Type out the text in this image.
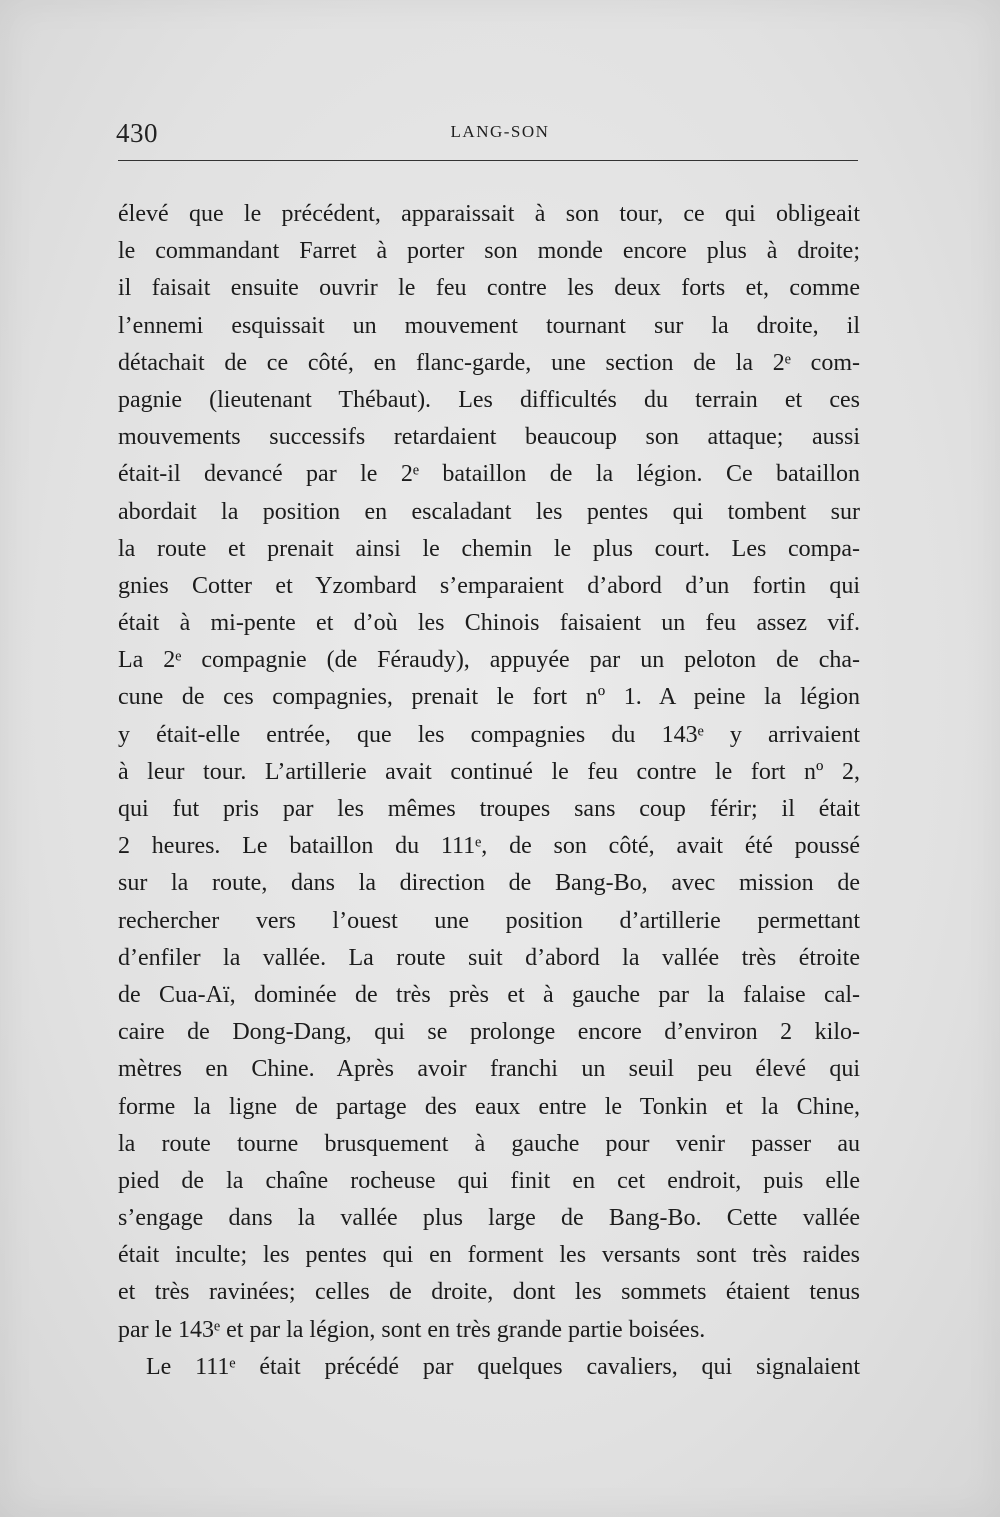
430	LANG-SON
élevé que le précédent, apparaissait à son tour, ce qui obligeait
le commandant Farret à porter son monde encore plus à droite;
il faisait ensuite ouvrir le feu contre les deux forts et, comme
l’ennemi esquissait un mouvement tournant sur la droite, il
détachait de ce côté, en flanc-garde, une section de la 2ᵉ com-
pagnie (lieutenant Thébaut). Les difficultés du terrain et ces
mouvements successifs retardaient beaucoup son attaque; aussi
était-il devancé par le 2ᵉ bataillon de la légion. Ce bataillon
abordait la position en escaladant les pentes qui tombent sur
la route et prenait ainsi le chemin le plus court. Les compa-
gnies Cotter et Yzombard s’emparaient d’abord d’un fortin qui
était à mi-pente et d’où les Chinois faisaient un feu assez vif.
La 2ᵉ compagnie (de Féraudy), appuyée par un peloton de cha-
cune de ces compagnies, prenait le fort nº 1. A peine la légion
y était-elle entrée, que les compagnies du 143ᵉ y arrivaient
à leur tour. L’artillerie avait continué le feu contre le fort nº 2,
qui fut pris par les mêmes troupes sans coup férir; il était
2 heures. Le bataillon du 111ᵉ, de son côté, avait été poussé
sur la route, dans la direction de Bang-Bo, avec mission de
rechercher vers l’ouest une position d’artillerie permettant
d’enfiler la vallée. La route suit d’abord la vallée très étroite
de Cua-Aï, dominée de très près et à gauche par la falaise cal-
caire de Dong-Dang, qui se prolonge encore d’environ 2 kilo-
mètres en Chine. Après avoir franchi un seuil peu élevé qui
forme la ligne de partage des eaux entre le Tonkin et la Chine,
la route tourne brusquement à gauche pour venir passer au
pied de la chaîne rocheuse qui finit en cet endroit, puis elle
s’engage dans la vallée plus large de Bang-Bo. Cette vallée
était inculte; les pentes qui en forment les versants sont très raides
et très ravinées; celles de droite, dont les sommets étaient tenus
par le 143ᵉ et par la légion, sont en très grande partie boisées.
Le 111ᵉ était précédé par quelques cavaliers, qui signalaient
